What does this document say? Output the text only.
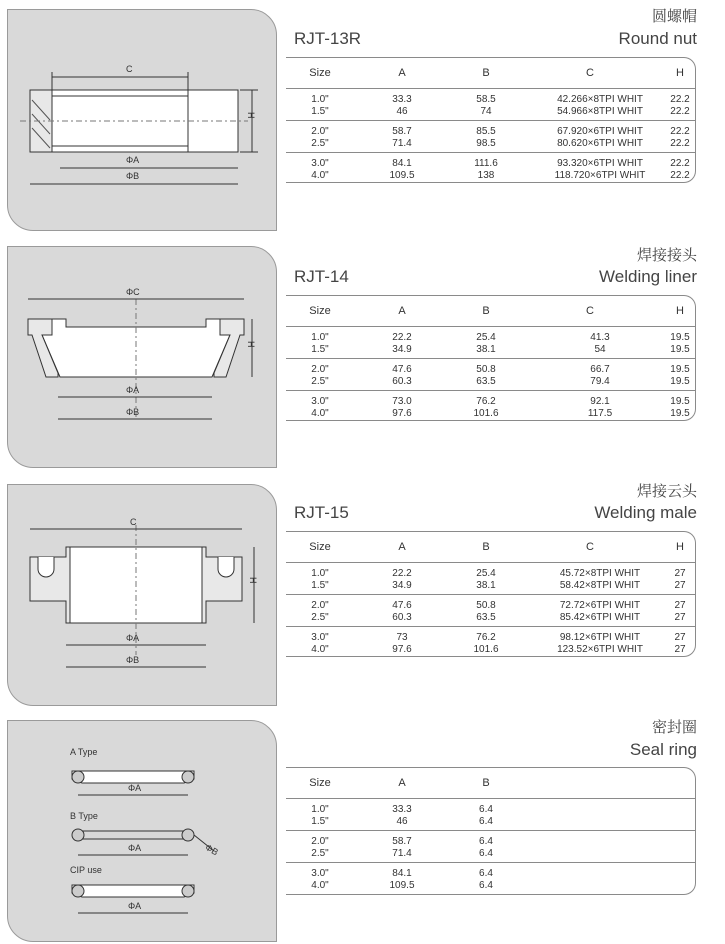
C
H
ΦA
ΦB
圆螺帽
RJT-13R	Round nut
Size	A	B	C	H
1.0"	33.3	58.5	42.266×8TPI WHIT	22.2
1.5"	46	74	54.966×8TPI WHIT	22.2
2.0"	58.7	85.5	67.920×6TPI WHIT	22.2
2.5"	71.4	98.5	80.620×6TPI WHIT	22.2
3.0"	84.1	111.6	93.320×6TPI WHIT	22.2
4.0"	109.5	138	118.720×6TPI WHIT	22.2
ΦC
H
ΦA
ΦB
焊接接头
RJT-14	Welding liner
Size	A	B	C	H
1.0"	22.2	25.4	41.3	19.5
1.5"	34.9	38.1	54	19.5
2.0"	47.6	50.8	66.7	19.5
2.5"	60.3	63.5	79.4	19.5
3.0"	73.0	76.2	92.1	19.5
4.0"	97.6	101.6	117.5	19.5
C
H
ΦA
ΦB
焊接云头
RJT-15	Welding male
Size	A	B	C	H
1.0"	22.2	25.4	45.72×8TPI WHIT	27
1.5"	34.9	38.1	58.42×8TPI WHIT	27
2.0"	47.6	50.8	72.72×6TPI WHIT	27
2.5"	60.3	63.5	85.42×6TPI WHIT	27
3.0"	73	76.2	98.12×6TPI WHIT	27
4.0"	97.6	101.6	123.52×6TPI WHIT	27
A Type
ΦA
B Type
ΦA	ΦB
CIP use
ΦA
密封圈
Seal ring
Size	A	B
1.0"	33.3	6.4
1.5"	46	6.4
2.0"	58.7	6.4
2.5"	71.4	6.4
3.0"	84.1	6.4
4.0"	109.5	6.4
